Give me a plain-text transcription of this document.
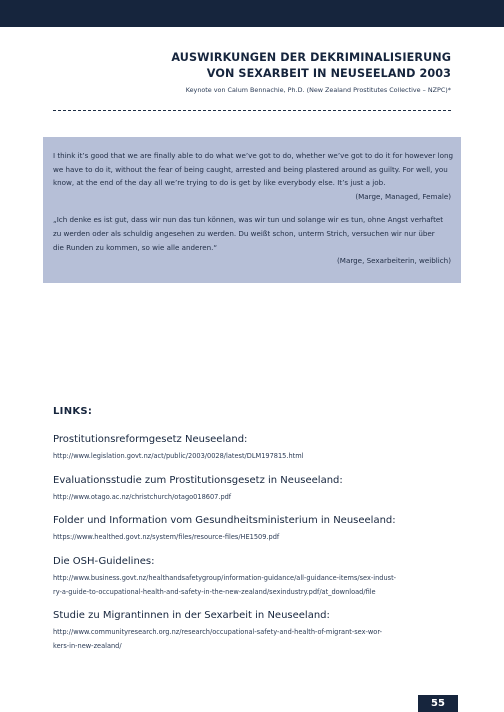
AUSWIRKUNGEN DER DEKRIMINALISIERUNG
VON SEXARBEIT IN NEUSEELAND 2003
Keynote von Calum Bennachie, Ph.D. (New Zealand Prostitutes Collective – NZPC)*

I think it’s good that we are finally able to do what we’ve got to do, whether we’ve got to do it for however long

we have to do it, without the fear of being caught, arrested and being plastered around as guilty. For well, you

know, at the end of the day all we’re trying to do is get by like everybody else. It’s just a job.

(Marge, Managed, Female)

„Ich denke es ist gut, dass wir nun das tun können, was wir tun und solange wir es tun, ohne Angst verhaftet

zu werden oder als schuldig angesehen zu werden. Du weißt schon, unterm Strich, versuchen wir nur über

die Runden zu kommen, so wie alle anderen.“

(Marge, Sexarbeiterin, weiblich)

LINKS:

Prostitutionsreformgesetz Neuseeland:

http://www.legislation.govt.nz/act/public/2003/0028/latest/DLM197815.html

Evaluationsstudie zum Prostitutionsgesetz in Neuseeland:

http://www.otago.ac.nz/christchurch/otago018607.pdf

Folder und Information vom Gesundheitsministerium in Neuseeland:

https://www.healthed.govt.nz/system/files/resource-files/HE1509.pdf

Die OSH-Guidelines:

http://www.business.govt.nz/healthandsafetygroup/information-guidance/all-guidance-items/sex-indust-

ry-a-guide-to-occupational-health-and-safety-in-the-new-zealand/sexindustry.pdf/at_download/file

Studie zu Migrantinnen in der Sexarbeit in Neuseeland:

http://www.communityresearch.org.nz/research/occupational-safety-and-health-of-migrant-sex-wor-

kers-in-new-zealand/

55
